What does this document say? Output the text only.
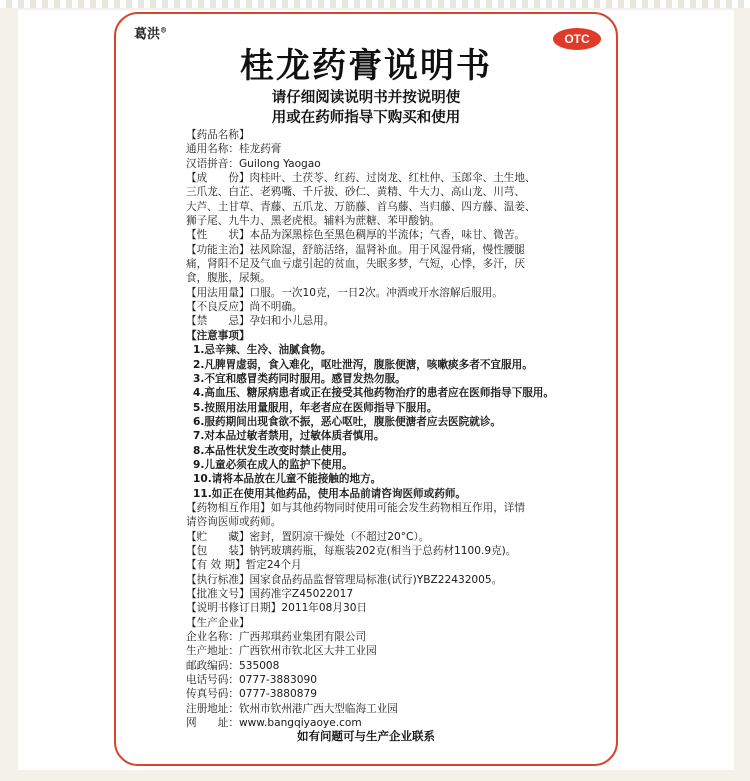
葛洪®
OTC
桂龙药膏说明书
请仔细阅读说明书并按说明使
用或在药师指导下购买和使用
【药品名称】
通用名称：桂龙药膏
汉语拼音：Guilong Yaogao
【成　　份】肉桂叶、土茯苓、红药、过岗龙、红杜仲、玉郎伞、土生地、
三爪龙、白芷、老鸦嘴、千斤拔、砂仁、黄精、牛大力、高山龙、川芎、
大芦、土甘草、青藤、五爪龙、万筋藤、首乌藤、当归藤、四方藤、温姜、
狮子尾、九牛力、黑老虎根。辅料为蔗糖、苯甲酸钠。
【性　　状】本品为深黑棕色至黑色稠厚的半流体；气香，味甘、微苦。
【功能主治】祛风除湿，舒筋活络，温肾补血。用于风湿骨痛，慢性腰腿
痛，肾阳不足及气血亏虚引起的贫血，失眠多梦，气短，心悸，多汗，厌
食，腹胀，尿频。
【用法用量】口服。一次10克，一日2次。冲酒或开水溶解后服用。
【不良反应】尚不明确。
【禁　　忌】孕妇和小儿忌用。
【注意事项】
1.忌辛辣、生冷、油腻食物。
2.凡脾胃虚弱，食入难化，呕吐泄泻，腹胀便溏，咳嗽痰多者不宜服用。
3.不宜和感冒类药同时服用。感冒发热勿服。
4.高血压、糖尿病患者或正在接受其他药物治疗的患者应在医师指导下服用。
5.按照用法用量服用，年老者应在医师指导下服用。
6.服药期间出现食欲不振，恶心呕吐，腹胀便溏者应去医院就诊。
7.对本品过敏者禁用，过敏体质者慎用。
8.本品性状发生改变时禁止使用。
9.儿童必须在成人的监护下使用。
10.请将本品放在儿童不能接触的地方。
11.如正在使用其他药品，使用本品前请咨询医师或药师。
【药物相互作用】如与其他药物同时使用可能会发生药物相互作用，详情
请咨询医师或药师。
【贮　　藏】密封，置阴凉干燥处（不超过20°C）。
【包　　装】钠钙玻璃药瓶，每瓶装202克(相当于总药材1100.9克)。
【有 效 期】暂定24个月
【执行标准】国家食品药品监督管理局标准(试行)YBZ22432005。
【批准文号】国药准字Z45022017
【说明书修订日期】2011年08月30日
【生产企业】
企业名称：广西邦琪药业集团有限公司
生产地址：广西钦州市钦北区大井工业园
邮政编码：535008
电话号码：0777-3883090
传真号码：0777-3880879
注册地址：钦州市钦州港广西大型临海工业园
网　　址：www.bangqiyaoye.com
如有问题可与生产企业联系
